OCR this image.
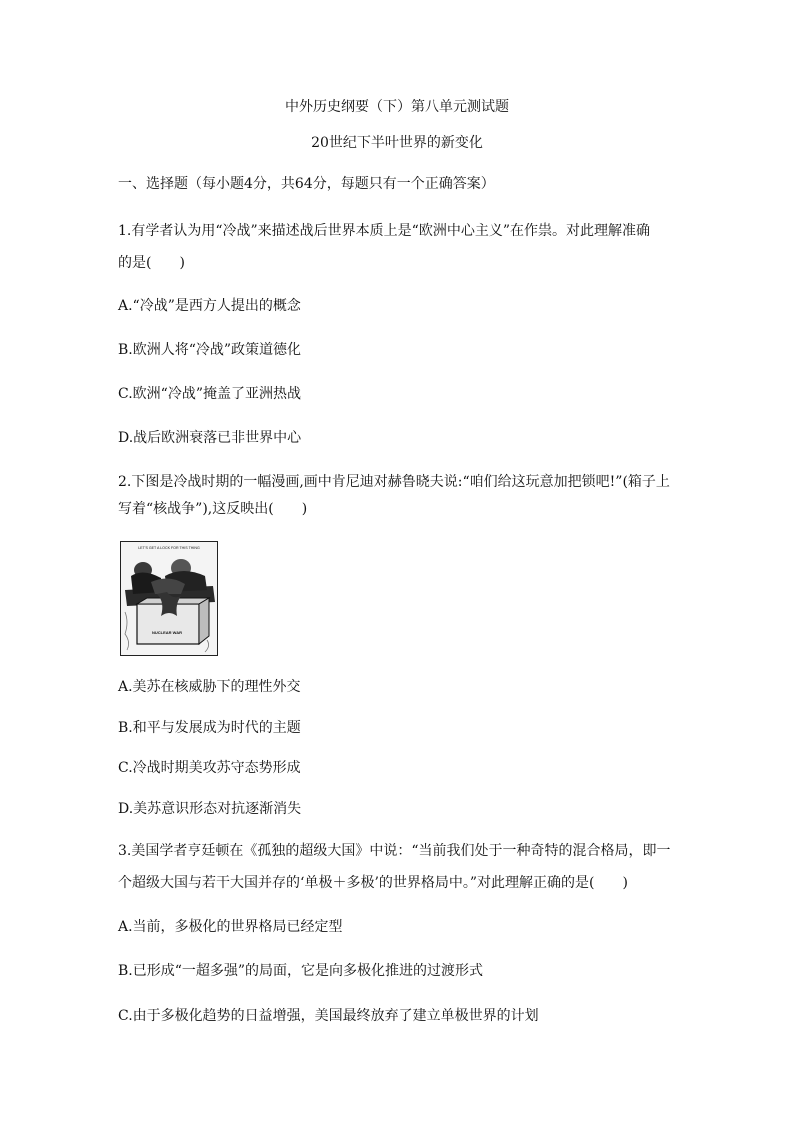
中外历史纲要（下）第八单元测试题
20世纪下半叶世界的新变化
一、选择题（每小题4分，共64分，每题只有一个正确答案）
1.有学者认为用“冷战”来描述战后世界本质上是“欧洲中心主义”在作祟。对此理解准确
的是(　　)
A.“冷战”是西方人提出的概念
B.欧洲人将“冷战”政策道德化
C.欧洲“冷战”掩盖了亚洲热战
D.战后欧洲衰落已非世界中心
2.下图是冷战时期的一幅漫画,画中肯尼迪对赫鲁晓夫说:“咱们给这玩意加把锁吧!”(箱子上
写着“核战争”),这反映出(　　)
LET'S GET A LOCK FOR THIS THING
NUCLEAR WAR
A.美苏在核威胁下的理性外交
B.和平与发展成为时代的主题
C.冷战时期美攻苏守态势形成
D.美苏意识形态对抗逐渐消失
3.美国学者亨廷顿在《孤独的超级大国》中说：“当前我们处于一种奇特的混合格局，即一
个超级大国与若干大国并存的‘单极＋多极’的世界格局中。”对此理解正确的是(　　)
A.当前，多极化的世界格局已经定型
B.已形成“一超多强”的局面，它是向多极化推进的过渡形式
C.由于多极化趋势的日益增强，美国最终放弃了建立单极世界的计划
